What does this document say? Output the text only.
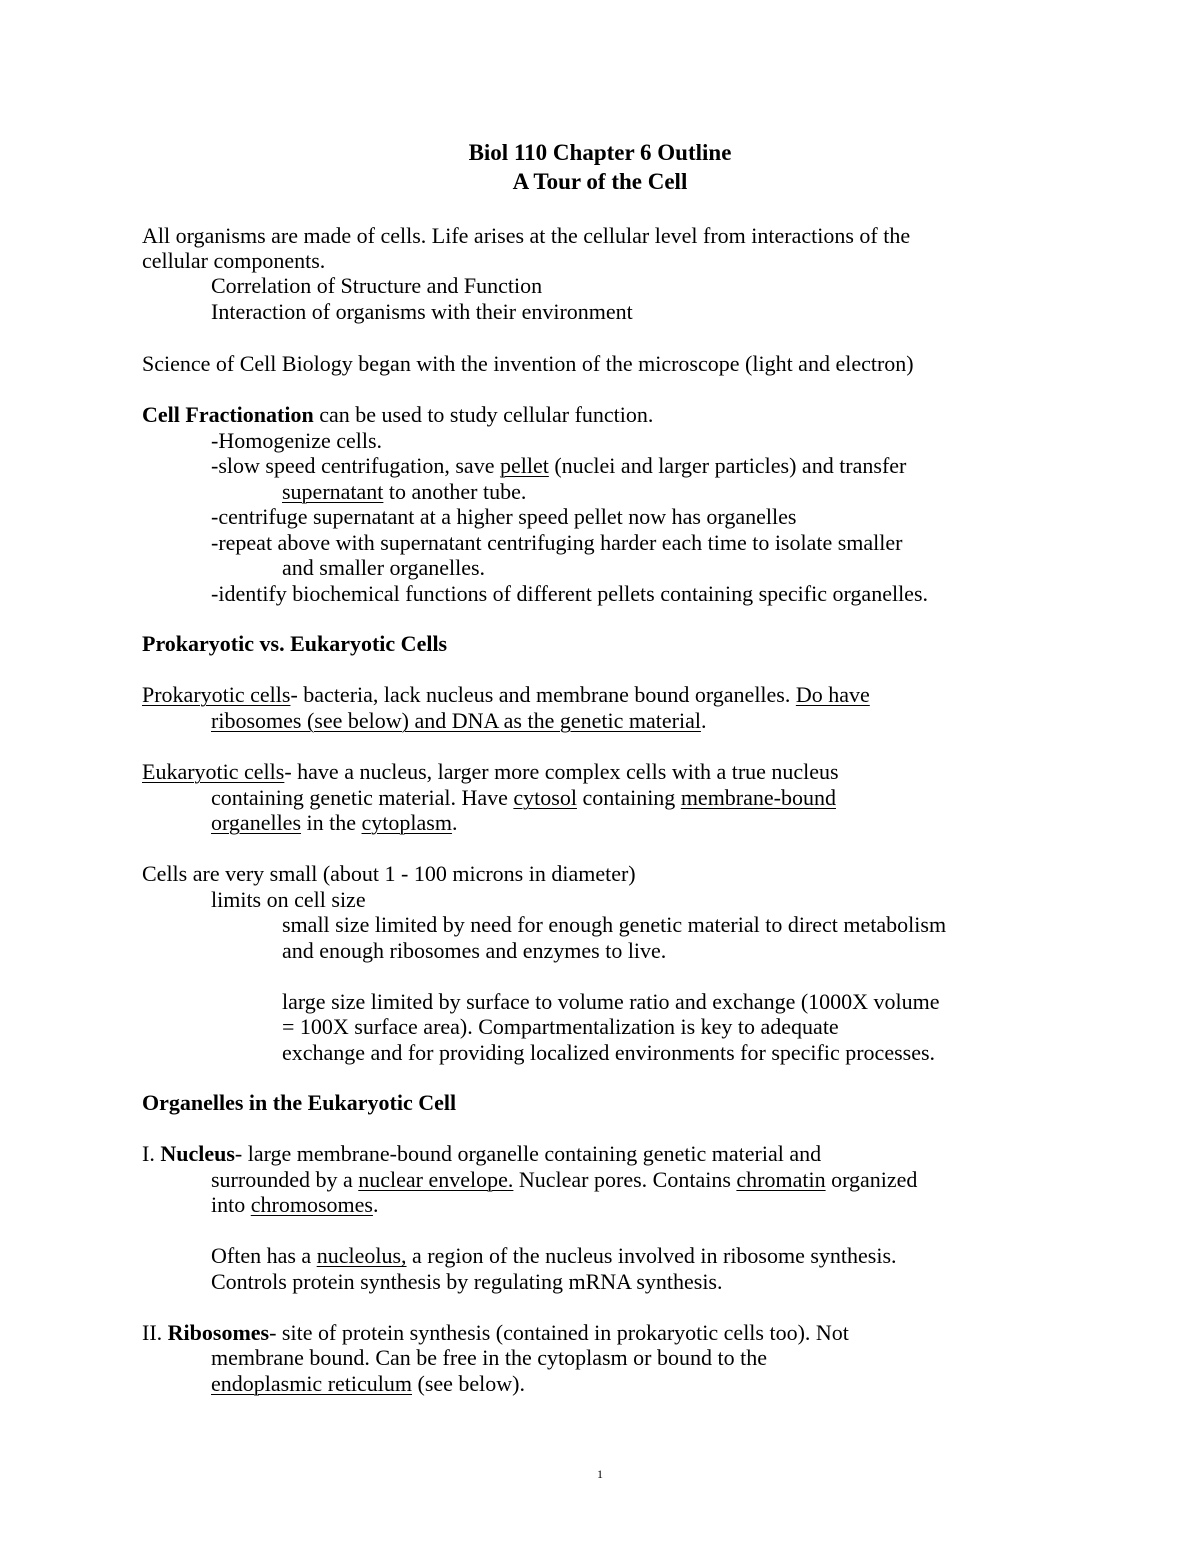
Biol 110 Chapter 6 Outline
A Tour of the Cell
All organisms are made of cells. Life arises at the cellular level from interactions of the
cellular components.
Correlation of Structure and Function
Interaction of organisms with their environment
Science of Cell Biology began with the invention of the microscope (light and electron)
Cell Fractionation can be used to study cellular function.
-Homogenize cells.
-slow speed centrifugation, save pellet (nuclei and larger particles) and transfer
supernatant to another tube.
-centrifuge supernatant at a higher speed pellet now has organelles
-repeat above with supernatant centrifuging harder each time to isolate smaller
and smaller organelles.
-identify biochemical functions of different pellets containing specific organelles.
Prokaryotic vs. Eukaryotic Cells
Prokaryotic cells- bacteria, lack nucleus and membrane bound organelles. Do have
ribosomes (see below) and DNA as the genetic material.
Eukaryotic cells- have a nucleus, larger more complex cells with a true nucleus
containing genetic material. Have cytosol containing membrane-bound
organelles in the cytoplasm.
Cells are very small (about 1 - 100 microns in diameter)
limits on cell size
small size limited by need for enough genetic material to direct metabolism
and enough ribosomes and enzymes to live.
large size limited by surface to volume ratio and exchange (1000X volume
= 100X surface area). Compartmentalization is key to adequate
exchange and for providing localized environments for specific processes.
Organelles in the Eukaryotic Cell
I. Nucleus- large membrane-bound organelle containing genetic material and
surrounded by a nuclear envelope. Nuclear pores. Contains chromatin organized
into chromosomes.
Often has a nucleolus, a region of the nucleus involved in ribosome synthesis.
Controls protein synthesis by regulating mRNA synthesis.
II. Ribosomes- site of protein synthesis (contained in prokaryotic cells too). Not
membrane bound. Can be free in the cytoplasm or bound to the
endoplasmic reticulum (see below).
1
